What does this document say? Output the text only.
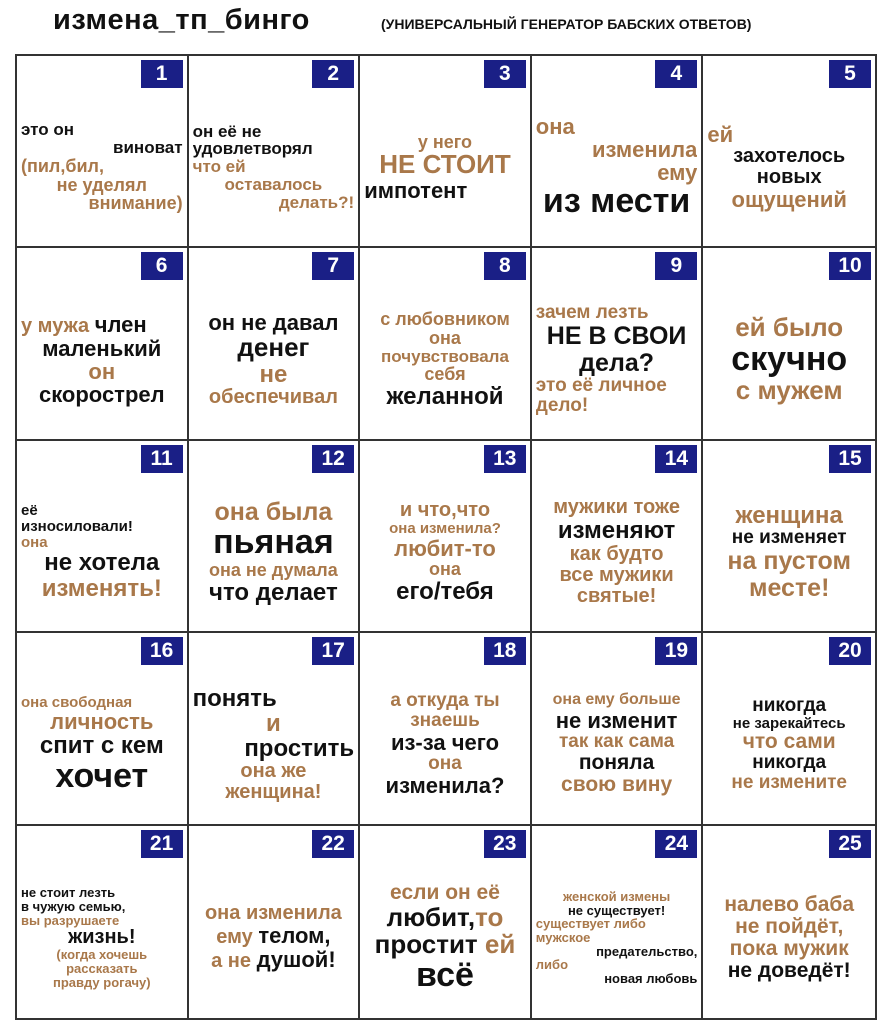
измена_тп_бинго	(УНИВЕРСАЛЬНЫЙ ГЕНЕРАТОР БАБСКИХ ОТВЕТОВ)
1
это он
виноват
(пил,бил,
не уделял
внимание)
2
он её не
удовлетворял
что ей
оставалось
делать?!
3
у него
НЕ СТОИТ
импотент
4
она
изменила
ему
из мести
5
ей
захотелось
новых
ощущений
6
у мужа член
маленький
он
скорострел
7
он не давал
денег
не
обеспечивал
8
с любовником
она
почувствовала
себя
желанной
9
зачем лезть
НЕ В СВОИ
дела?
это её личное
дело!
10
ей было
скучно
с мужем
11
её
износиловали!
она
не хотела
изменять!
12
она была
пьяная
она не думала
что делает
13
и что,что
она изменила?
любит-то
она
его/тебя
14
мужики тоже
изменяют
как будто
все мужики
святые!
15
женщина
не изменяет
на пустом
месте!
16
она свободная
личность
спит с кем
хочет
17
понять
и
простить
она же
женщина!
18
а откуда ты
знаешь
из-за чего
она
изменила?
19
она ему больше
не изменит
так как сама
поняла
свою вину
20
никогда
не зарекайтесь
что сами
никогда
не измените
21
не стоит лезть
в чужую семью,
вы разрушаете
жизнь!
(когда хочешь
рассказать
правду рогачу)
22
она изменила
ему телом,
а не душой!
23
если он её
любит,то
простит ей
всё
24
женской измены
не существует!
существует либо
мужское
предательство,
либо
новая любовь
25
налево баба
не пойдёт,
пока мужик
не доведёт!
